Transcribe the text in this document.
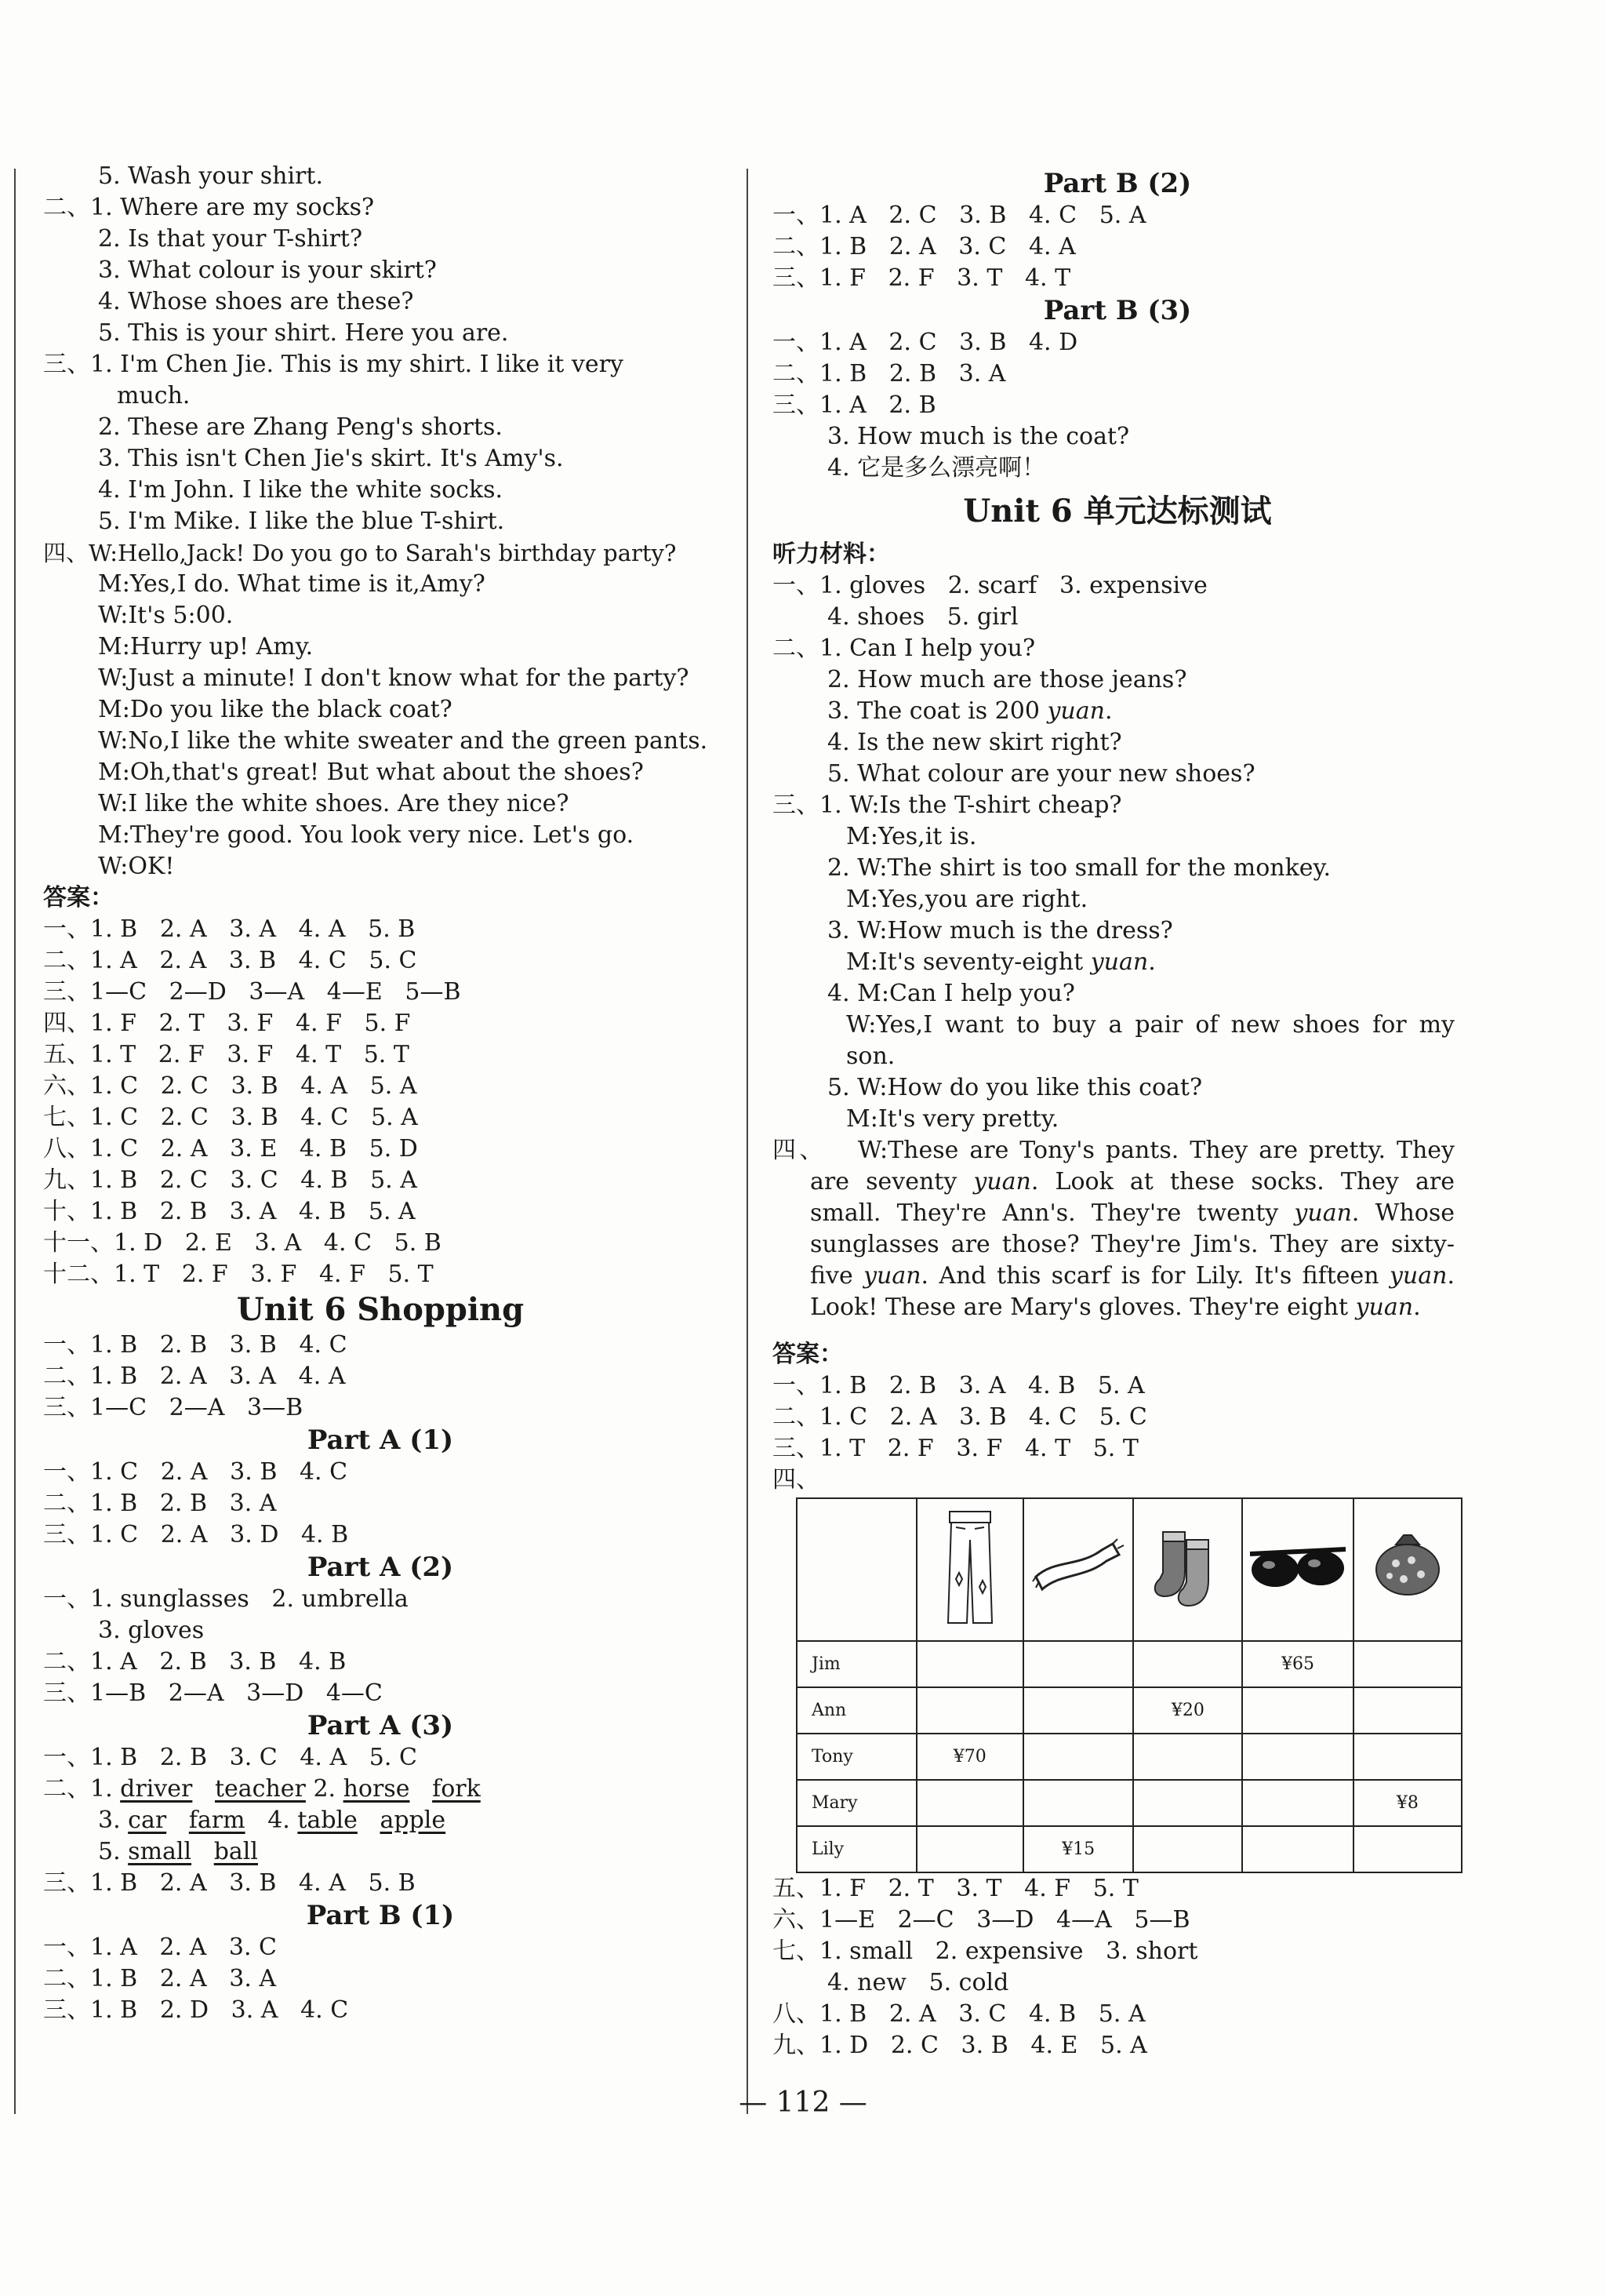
5. Wash your shirt.
二、1. Where are my socks?
2. Is that your T-shirt?
3. What colour is your skirt?
4. Whose shoes are these?
5. This is your shirt. Here you are.
三、1. I'm Chen Jie. This is my shirt. I like it very
much.
2. These are Zhang Peng's shorts.
3. This isn't Chen Jie's skirt. It's Amy's.
4. I'm John. I like the white socks.
5. I'm Mike. I like the blue T-shirt.
四、W:Hello,Jack! Do you go to Sarah's birthday party?
M:Yes,I do. What time is it,Amy?
W:It's 5:00.
M:Hurry up! Amy.
W:Just a minute! I don't know what for the party?
M:Do you like the black coat?
W:No,I like the white sweater and the green pants.
M:Oh,that's great! But what about the shoes?
W:I like the white shoes. Are they nice?
M:They're good. You look very nice. Let's go.
W:OK!
答案：
一、1. B   2. A   3. A   4. A   5. B
二、1. A   2. A   3. B   4. C   5. C
三、1—C   2—D   3—A   4—E   5—B
四、1. F   2. T   3. F   4. F   5. F
五、1. T   2. F   3. F   4. T   5. T
六、1. C   2. C   3. B   4. A   5. A
七、1. C   2. C   3. B   4. C   5. A
八、1. C   2. A   3. E   4. B   5. D
九、1. B   2. C   3. C   4. B   5. A
十、1. B   2. B   3. A   4. B   5. A
十一、1. D   2. E   3. A   4. C   5. B
十二、1. T   2. F   3. F   4. F   5. T
Unit 6 Shopping
一、1. B   2. B   3. B   4. C
二、1. B   2. A   3. A   4. A
三、1—C   2—A   3—B
Part A (1)
一、1. C   2. A   3. B   4. C
二、1. B   2. B   3. A
三、1. C   2. A   3. D   4. B
Part A (2)
一、1. sunglasses   2. umbrella
3. gloves
二、1. A   2. B   3. B   4. B
三、1—B   2—A   3—D   4—C
Part A (3)
一、1. B   2. B   3. C   4. A   5. C
二、1. driver teacher 2. horse fork
3. car farm 4. table apple
5. small ball
三、1. B   2. A   3. B   4. A   5. B
Part B (1)
一、1. A   2. A   3. C
二、1. B   2. A   3. A
三、1. B   2. D   3. A   4. C
Part B (2)
一、1. A   2. C   3. B   4. C   5. A
二、1. B   2. A   3. C   4. A
三、1. F   2. F   3. T   4. T
Part B (3)
一、1. A   2. C   3. B   4. D
二、1. B   2. B   3. A
三、1. A   2. B
3. How much is the coat?
4. 它是多么漂亮啊！
Unit 6 单元达标测试
听力材料：
一、1. gloves   2. scarf   3. expensive
4. shoes   5. girl
二、1. Can I help you?
2. How much are those jeans?
3. The coat is 200 yuan.
4. Is the new skirt right?
5. What colour are your new shoes?
三、1. W:Is the T-shirt cheap?
M:Yes,it is.
2. W:The shirt is too small for the monkey.
M:Yes,you are right.
3. W:How much is the dress?
M:It's seventy-eight yuan.
4. M:Can I help you?
W:Yes,I want to buy a pair of new shoes for my son.
5. W:How do you like this coat?
M:It's very pretty.
四、 W:These are Tony's pants. They are pretty. They are seventy yuan. Look at these socks. They are small. They're Ann's. They're twenty yuan. Whose sunglasses are those? They're Jim's. They are sixty-five yuan. And this scarf is for Lily. It's fifteen yuan. Look! These are Mary's gloves. They're eight yuan.
答案：
一、1. B   2. B   3. A   4. B   5. A
二、1. C   2. A   3. B   4. C   5. C
三、1. T   2. F   3. F   4. T   5. T
四、

Jim				¥65	
Ann			¥20		
Tony	¥70				
Mary					¥8
Lily		¥15			
五、1. F   2. T   3. T   4. F   5. T
六、1—E   2—C   3—D   4—A   5—B
七、1. small   2. expensive   3. short
4. new   5. cold
八、1. B   2. A   3. C   4. B   5. A
九、1. D   2. C   3. B   4. E   5. A
— 112 —
